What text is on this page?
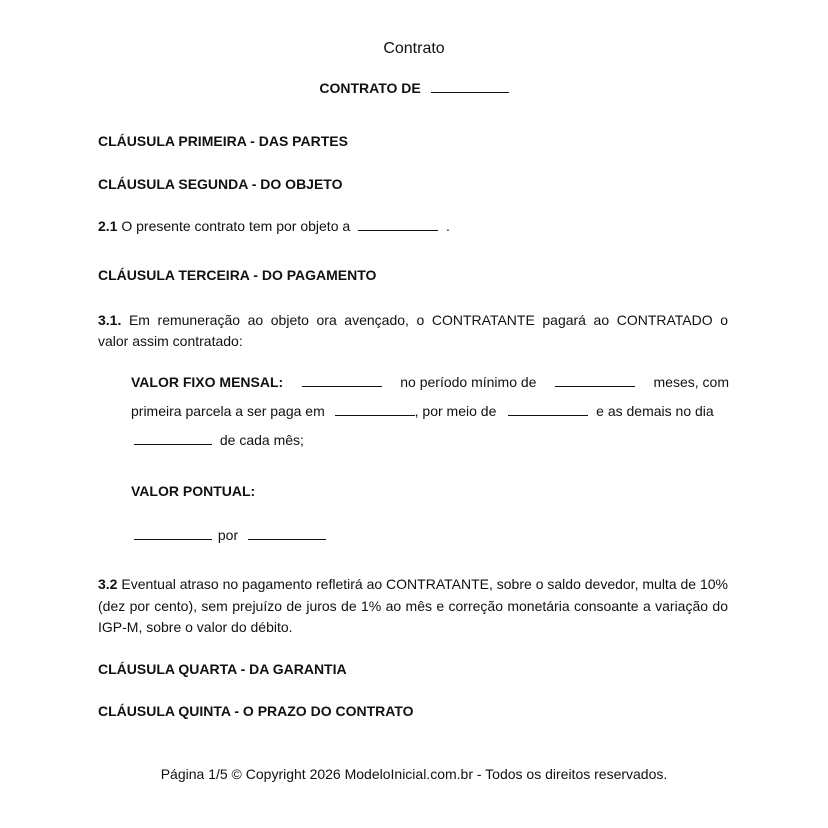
Contrato
CONTRATO DE
CLÁUSULA PRIMEIRA - DAS PARTES
CLÁUSULA SEGUNDA - DO OBJETO
2.1 O presente contrato tem por objeto a	.
CLÁUSULA TERCEIRA - DO PAGAMENTO
3.1. Em remuneração ao objeto ora avençado, o CONTRATANTE pagará ao CONTRATADO o
valor assim contratado:
VALOR FIXO MENSAL:	no período mínimo de	meses, com
primeira parcela a ser paga em	, por meio de	e as demais no dia
de cada mês;
VALOR PONTUAL:
por
3.2 Eventual atraso no pagamento refletirá ao CONTRATANTE, sobre o saldo devedor, multa de 10% (dez por cento), sem prejuízo de juros de 1% ao mês e correção monetária consoante a variação do IGP-M, sobre o valor do débito.
CLÁUSULA QUARTA - DA GARANTIA
CLÁUSULA QUINTA - O PRAZO DO CONTRATO
Página 1/5 © Copyright 2026 ModeloInicial.com.br - Todos os direitos reservados.
